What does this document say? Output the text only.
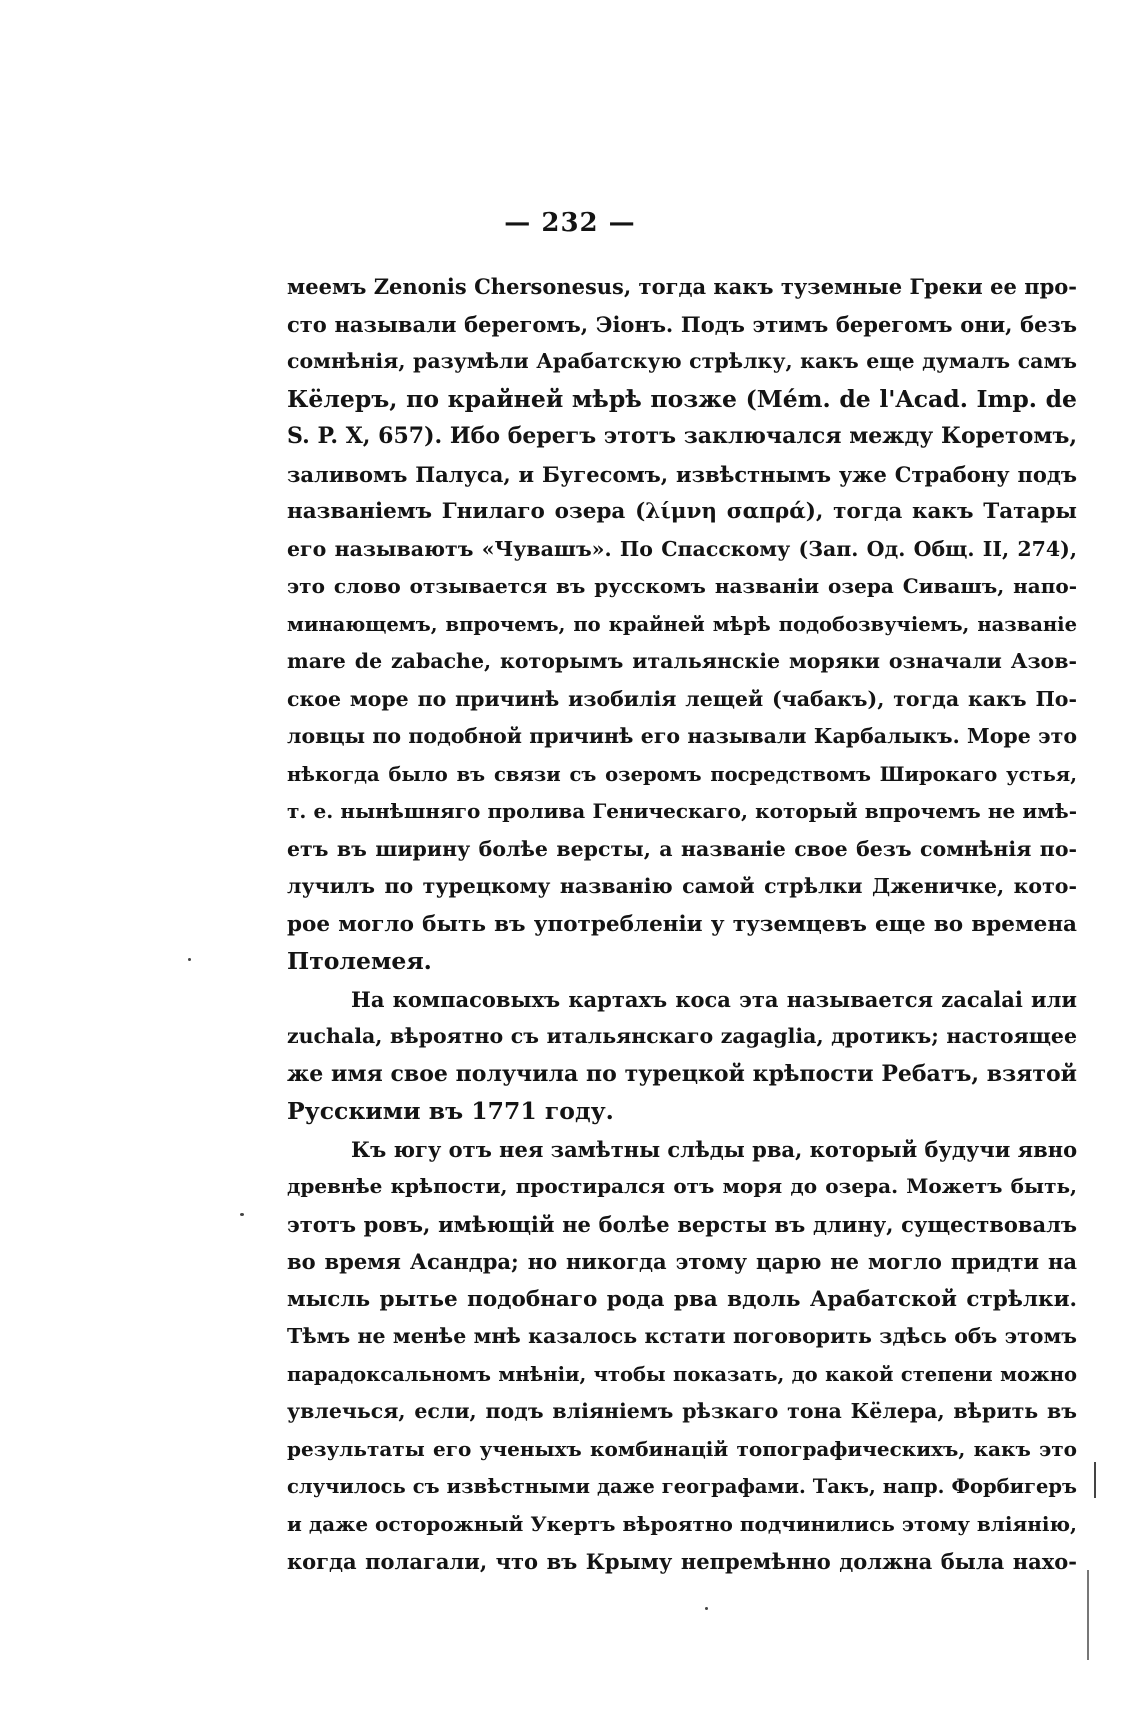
— 232 —
меемъ Zenonis Chersonesus, тогда какъ туземные Греки ее про-
сто называли берегомъ, Эіонъ. Подъ этимъ берегомъ они, безъ
сомнѣнія, разумѣли Арабатскую стрѣлку, какъ еще думалъ самъ
Кёлеръ, по крайней мѣрѣ позже (Mém. de l'Acad. Imp. de
S. P. X, 657). Ибо берегъ этотъ заключался между Коретомъ,
заливомъ Палуса, и Бугесомъ, извѣстнымъ уже Страбону подъ
названіемъ Гнилаго озера (λίμνη σαπρά), тогда какъ Татары
его называютъ «Чувашъ». По Спасскому (Зап. Од. Общ. II, 274),
это слово отзывается въ русскомъ названіи озера Сивашъ, напо-
минающемъ, впрочемъ, по крайней мѣрѣ подобозвучіемъ, названіе
mare de zabache, которымъ итальянскіе моряки означали Азов-
ское море по причинѣ изобилія лещей (чабакъ), тогда какъ По-
ловцы по подобной причинѣ его называли Карбалыкъ. Море это
нѣкогда было въ связи съ озеромъ посредствомъ Широкаго устья,
т. е. нынѣшняго пролива Геническаго, который впрочемъ не имѣ-
етъ въ ширину болѣе версты, а названіе свое безъ сомнѣнія по-
лучилъ по турецкому названію самой стрѣлки Дженичке, кото-
рое могло быть въ употребленіи у туземцевъ еще во времена
Птолемея.
На компасовыхъ картахъ коса эта называется zacalai или
zuchala, вѣроятно съ итальянскаго zagaglia, дротикъ; настоящее
же имя свое получила по турецкой крѣпости Ребатъ, взятой
Русскими въ 1771 году.
Къ югу отъ нея замѣтны слѣды рва, который будучи явно
древнѣе крѣпости, простирался отъ моря до озера. Можетъ быть,
этотъ ровъ, имѣющій не болѣе версты въ длину, существовалъ
во время Асандра; но никогда этому царю не могло придти на
мысль рытье подобнаго рода рва вдоль Арабатской стрѣлки.
Тѣмъ не менѣе мнѣ казалось кстати поговорить здѣсь объ этомъ
парадоксальномъ мнѣніи, чтобы показать, до какой степени можно
увлечься, если, подъ вліяніемъ рѣзкаго тона Кёлера, вѣрить въ
результаты его ученыхъ комбинацій топографическихъ, какъ это
случилось съ извѣстными даже географами. Такъ, напр. Форбигеръ
и даже осторожный Укертъ вѣроятно подчинились этому вліянію,
когда полагали, что въ Крыму непремѣнно должна была нахо-
